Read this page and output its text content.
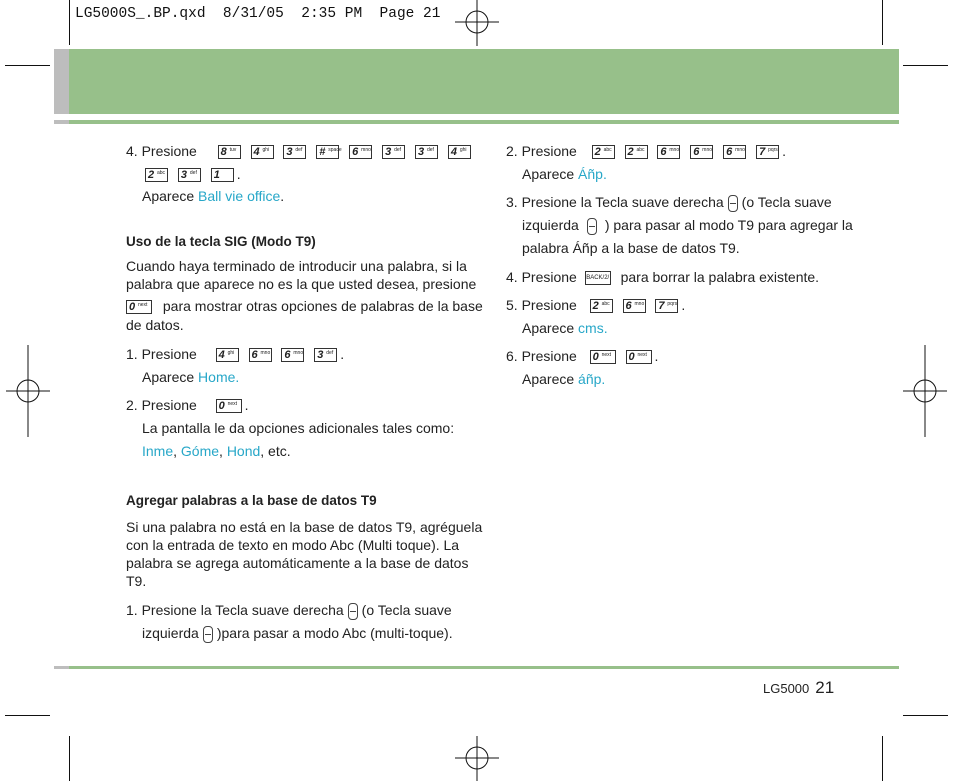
LG5000S_.BP.qxd  8/31/05  2:35 PM  Page 21
4. Presione 8 tuv
4 ghi
3 def
# space
6 mno
3 def
3 def
4 ghi
2 abc
3 def
1 .
Aparece Ball vie office.
Uso de la tecla SIG (Modo T9)
Cuando haya terminado de introducir una palabra, si la
palabra que aparece no es la que usted desea, presione
0 next para mostrar otras opciones de palabras de la base
de datos.
1. Presione 4 ghi
6 mno
6 mno
3 def .
Aparece Home.
2. Presione 0 next .
La pantalla le da opciones adicionales tales como:
Inme, Góme, Hond, etc.
Agregar palabras a la base de datos T9
Si una palabra no está en la base de datos T9, agréguela
con la entrada de texto en modo Abc (Multi toque). La
palabra se agrega automáticamente a la base de datos
T9.
1. Presione la Tecla suave derecha (o Tecla suave
izquierda )para pasar a modo Abc (multi-toque).
2. Presione 2 abc
2 abc
6 mno
6 mno
6 mno
7 pqrs .
Aparece Áñp.
3. Presione la Tecla suave derecha (o Tecla suave
izquierda ) para pasar al modo T9 para agregar la
palabra Áñp a la base de datos T9.
4. Presione BACK/2/ para borrar la palabra existente.
5. Presione 2 abc
6 mno
7 pqrs .
Aparece cms.
6. Presione 0 next
0 next .
Aparece áñp.
LG5000 21
